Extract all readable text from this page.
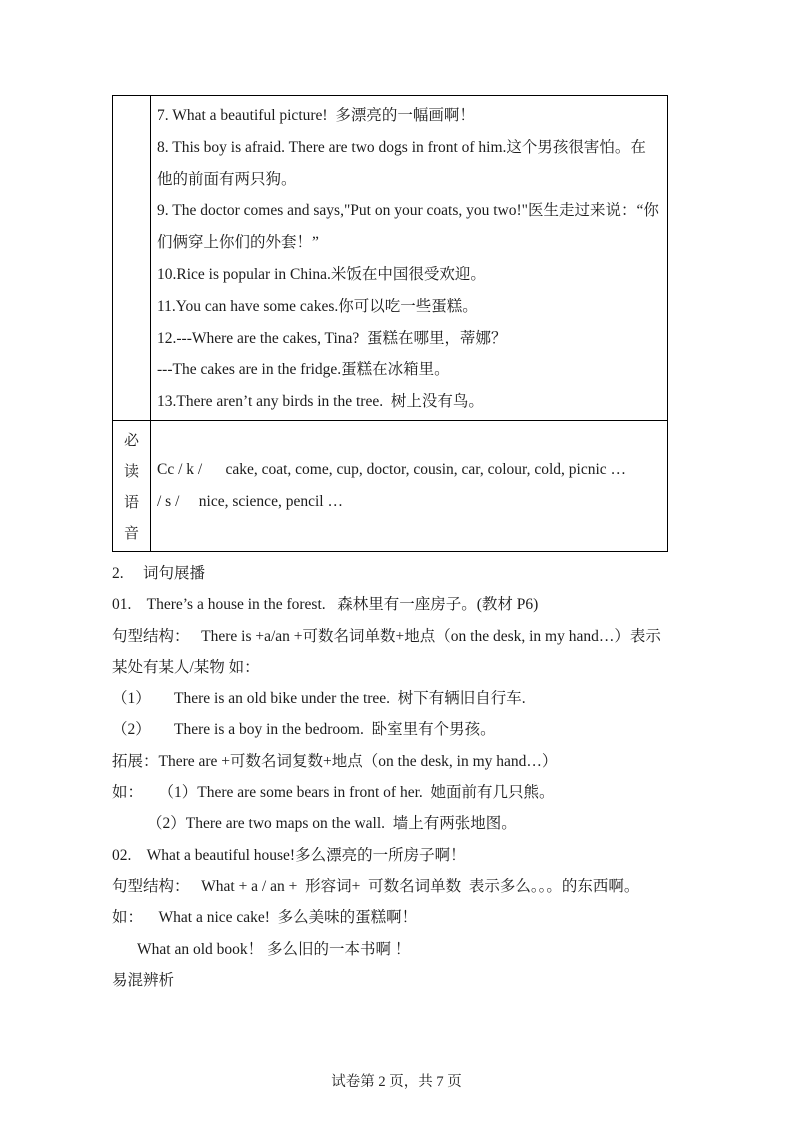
7. What a beautiful picture!  多漂亮的一幅画啊！

8. This boy is afraid. There are two dogs in front of him.这个男孩很害怕。在他的前面有两只狗。

9. The doctor comes and says,"Put on your coats, you two!"医生走过来说：“你们俩穿上你们的外套！”

10.Rice is popular in China.米饭在中国很受欢迎。

11.You can have some cakes.你可以吃一些蛋糕。

12.---Where are the cakes, Tina?  蛋糕在哪里，蒂娜？

---The cakes are in the fridge.蛋糕在冰箱里。

13.There aren’t any birds in the tree.  树上没有鸟。

必
读
语
音

Cc / k /      cake, coat, come, cup, doctor, cousin, car, colour, cold, picnic …

/ s /     nice, science, pencil …

2.     词句展播

01.    There’s a house in the forest.   森林里有一座房子。(教材 P6)

句型结构：   There is +a/an +可数名词单数+地点（on the desk, in my hand…）表示某处有某人/某物 如：

（1）      There is an old bike under the tree.  树下有辆旧自行车.

（2）      There is a boy in the bedroom.  卧室里有个男孩。

拓展：There are +可数名词复数+地点（on the desk, in my hand…）

如：    （1）There are some bears in front of her.  她面前有几只熊。

（2）There are two maps on the wall.  墙上有两张地图。

02.    What a beautiful house!多么漂亮的一所房子啊！

句型结构：   What + a / an +  形容词+  可数名词单数  表示多么。。。的东西啊。

如：    What a nice cake!  多么美味的蛋糕啊！

What an old book！ 多么旧的一本书啊 ！

易混辨析

试卷第 2 页，共 7 页
